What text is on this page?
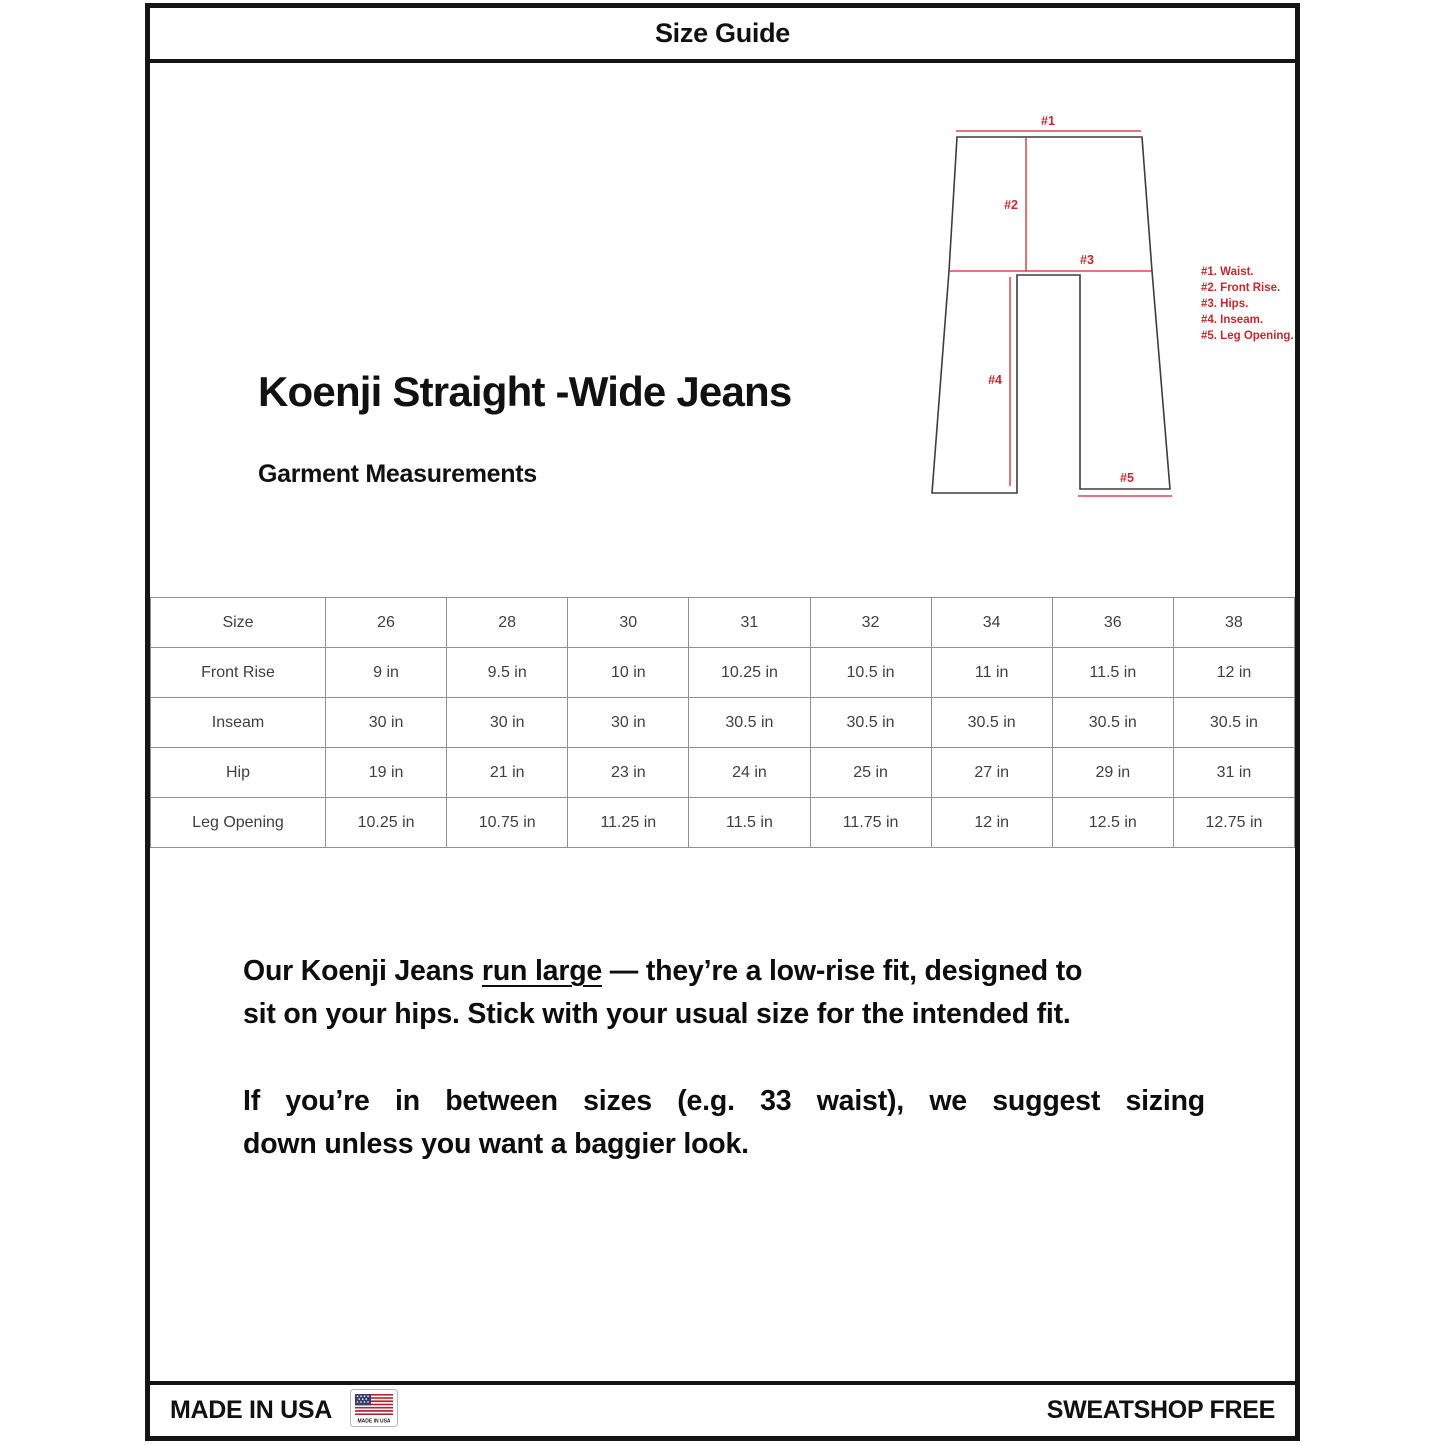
Size Guide
#1
#2
#3
#4
#5
#1. Waist.
#2. Front Rise.
#3. Hips.
#4. Inseam.
#5. Leg Opening.
Koenji Straight -Wide Jeans
Garment Measurements
Size	26	28	30	31	32	34	36	38
Front Rise	9 in	9.5 in	10 in	10.25 in	10.5 in	11 in	11.5 in	12 in
Inseam	30 in	30 in	30 in	30.5 in	30.5 in	30.5 in	30.5 in	30.5 in
Hip	19 in	21 in	23 in	24 in	25 in	27 in	29 in	31 in
Leg Opening	10.25 in	10.75 in	11.25 in	11.5 in	11.75 in	12 in	12.5 in	12.75 in
Our Koenji Jeans run large — they’re a low-rise fit, designed to
sit on your hips. Stick with your usual size for the intended fit.
If you’re in between sizes (e.g. 33 waist), we suggest sizing
down unless you want a baggier look.
MADE IN USA	MADE IN USA	SWEATSHOP FREE
